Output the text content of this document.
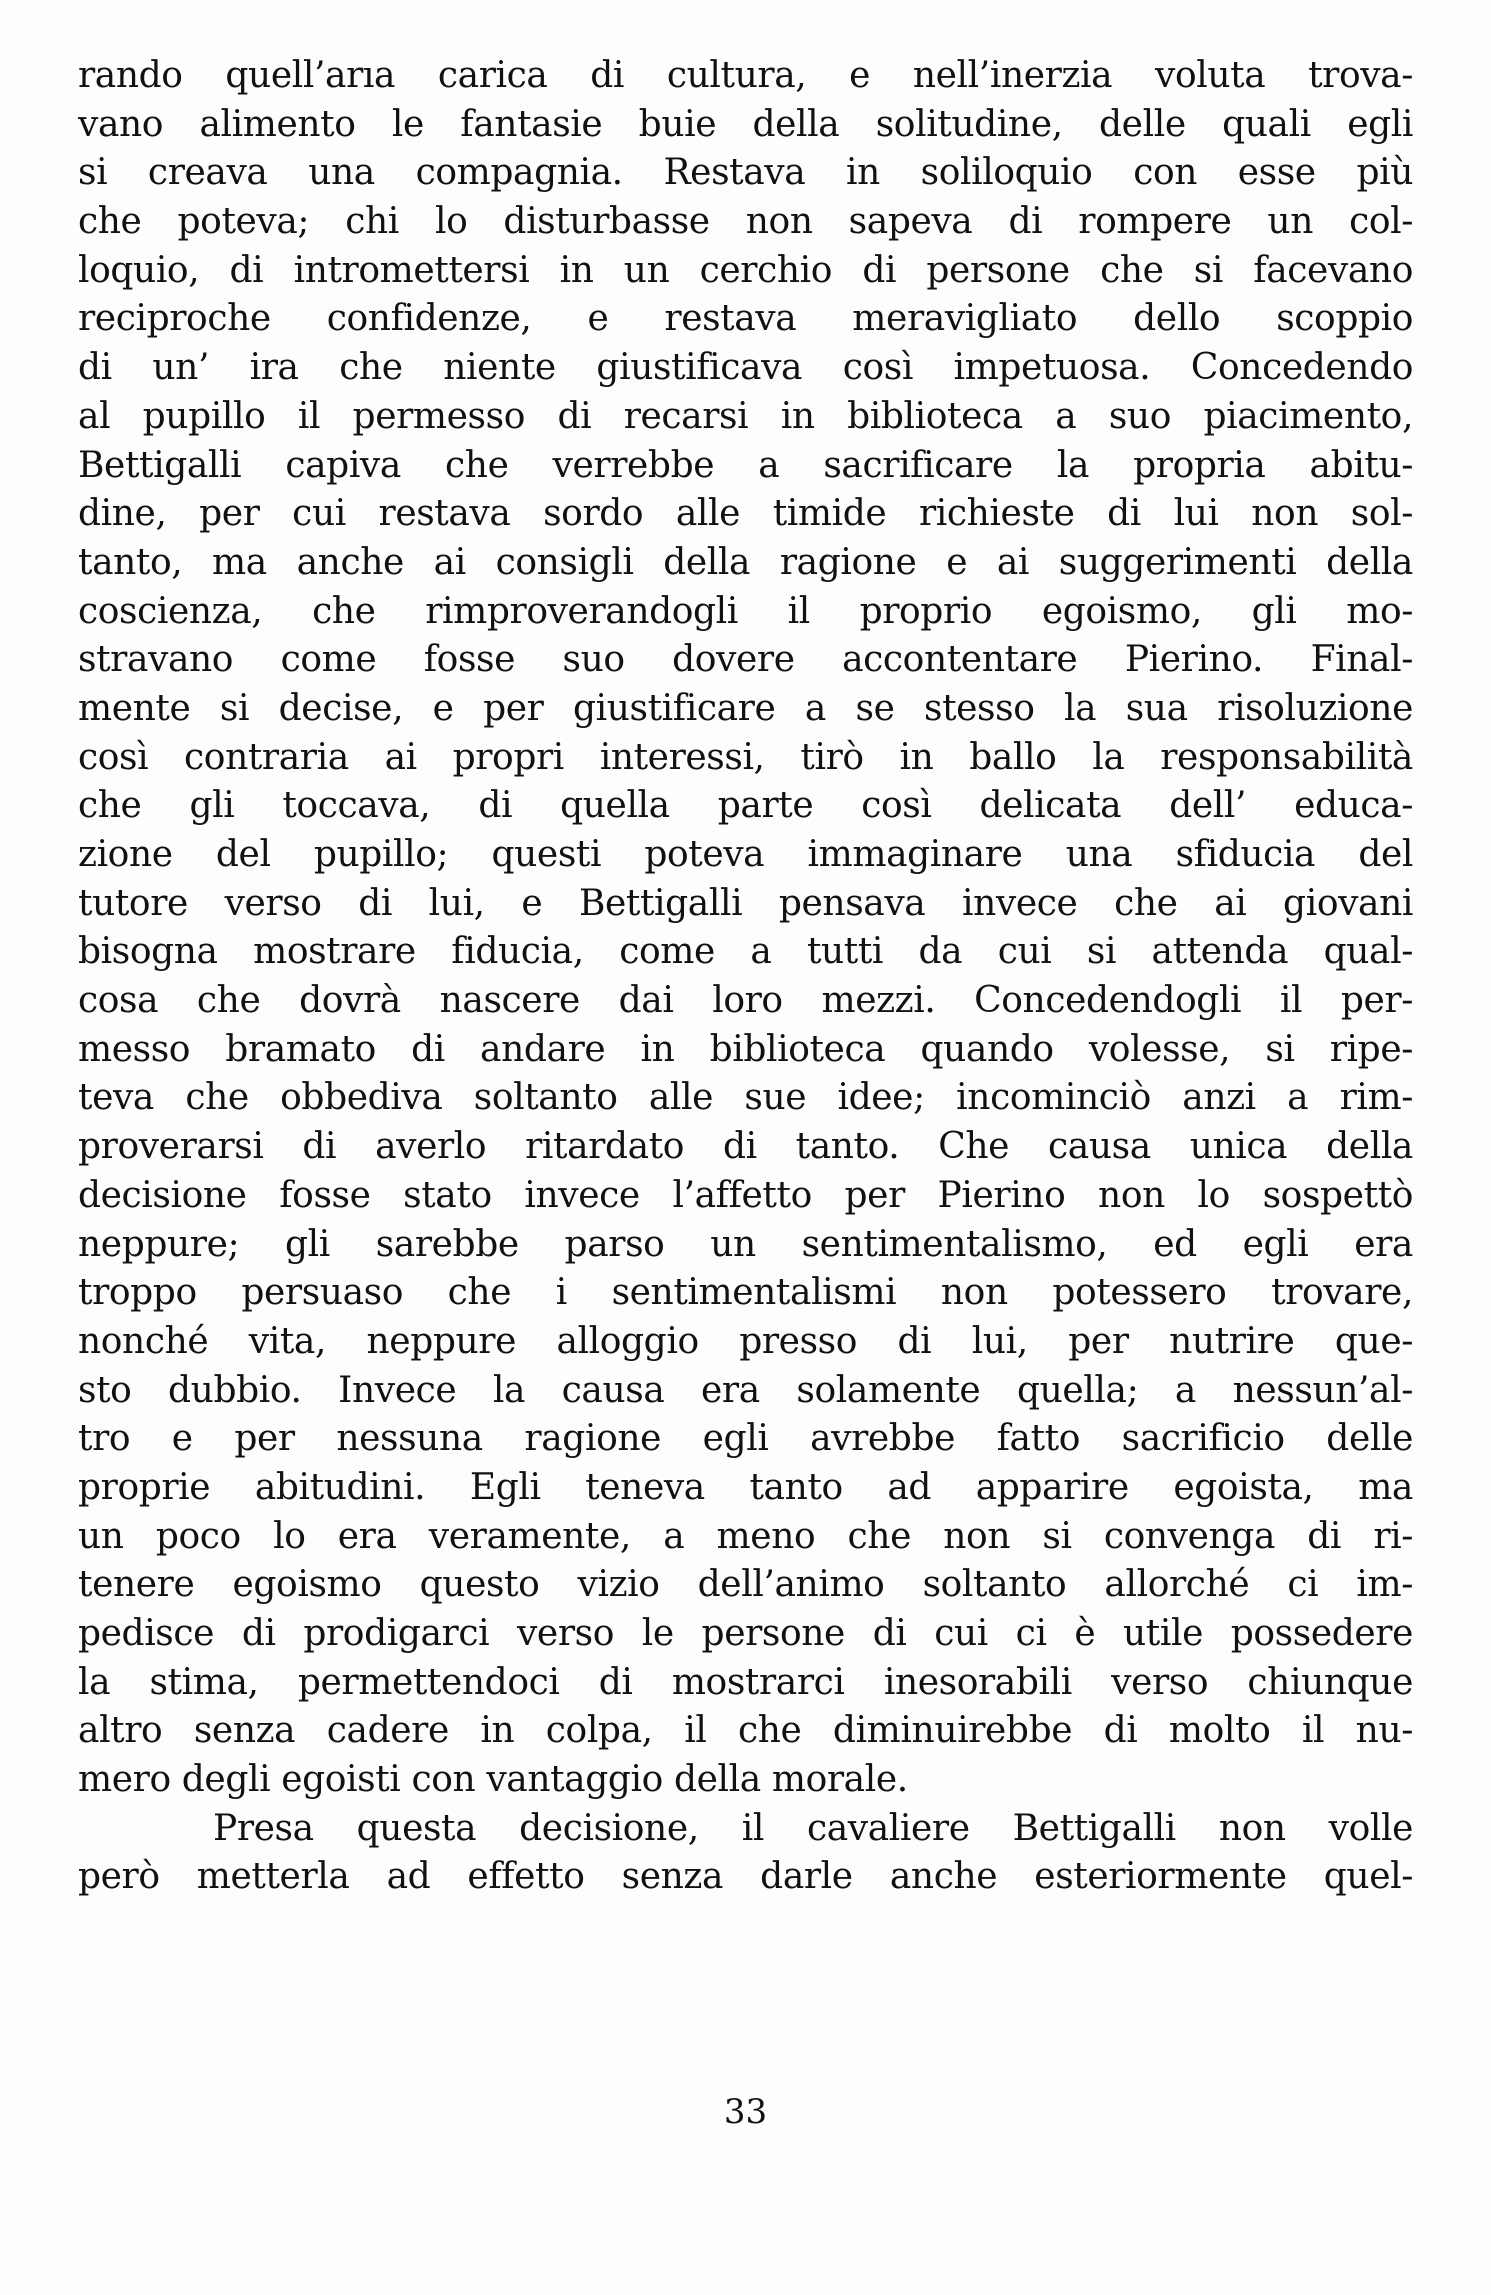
rando quell’arıa carica di cultura, e nell’inerzia voluta trova-
vano alimento le fantasie buie della solitudine, delle quali egli
si creava una compagnia. Restava in soliloquio con esse più
che poteva; chi lo disturbasse non sapeva di rompere un col-
loquio, di intromettersi in un cerchio di persone che si facevano
reciproche confidenze, e restava meravigliato dello scoppio
di un’ ira che niente giustificava così impetuosa. Concedendo
al pupillo il permesso di recarsi in biblioteca a suo piacimento,
Bettigalli capiva che verrebbe a sacrificare la propria abitu-
dine, per cui restava sordo alle timide richieste di lui non sol-
tanto, ma anche ai consigli della ragione e ai suggerimenti della
coscienza, che rimproverandogli il proprio egoismo, gli mo-
stravano come fosse suo dovere accontentare Pierino. Final-
mente si decise, e per giustificare a se stesso la sua risoluzione
così contraria ai propri interessi, tirò in ballo la responsabilità
che gli toccava, di quella parte così delicata dell’ educa-
zione del pupillo; questi poteva immaginare una sfiducia del
tutore verso di lui, e Bettigalli pensava invece che ai giovani
bisogna mostrare fiducia, come a tutti da cui si attenda qual-
cosa che dovrà nascere dai loro mezzi. Concedendogli il per-
messo bramato di andare in biblioteca quando volesse, si ripe-
teva che obbediva soltanto alle sue idee; incominciò anzi a rim-
proverarsi di averlo ritardato di tanto. Che causa unica della
decisione fosse stato invece l’affetto per Pierino non lo sospettò
neppure; gli sarebbe parso un sentimentalismo, ed egli era
troppo persuaso che i sentimentalismi non potessero trovare,
nonché vita, neppure alloggio presso di lui, per nutrire que-
sto dubbio. Invece la causa era solamente quella; a nessun’al-
tro e per nessuna ragione egli avrebbe fatto sacrificio delle
proprie abitudini. Egli teneva tanto ad apparire egoista, ma
un poco lo era veramente, a meno che non si convenga di ri-
tenere egoismo questo vizio dell’animo soltanto allorché ci im-
pedisce di prodigarci verso le persone di cui ci è utile possedere
la stima, permettendoci di mostrarci inesorabili verso chiunque
altro senza cadere in colpa, il che diminuirebbe di molto il nu-
mero degli egoisti con vantaggio della morale.
Presa questa decisione, il cavaliere Bettigalli non volle
però metterla ad effetto senza darle anche esteriormente quel-
33
